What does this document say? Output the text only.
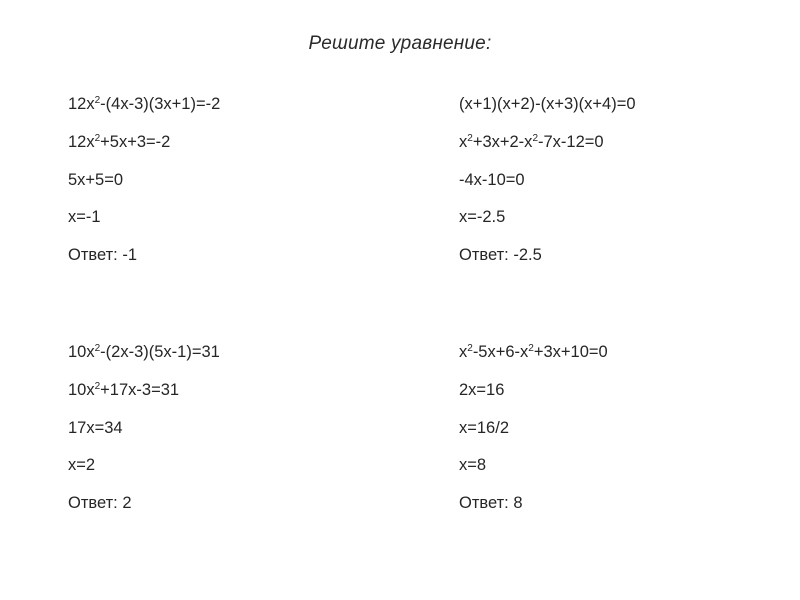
Решите уравнение:
$12x^2-(4x-3)(3x+1)=-2$
$12x^2+5x+3=-2$
5x+5=0
x=-1
Ответ: -1
(x+1)(x+2)-(x+3)(x+4)=0
$x^2+3x+2-x^2-7x-12=0$
-4x-10=0
x=-2.5
Ответ: -2.5
$10x^2-(2x-3)(5x-1)=31$
$10x^2+17x-3=31$
17x=34
x=2
Ответ: 2
$x^2-5x+6-x^2+3x+10=0$
2x=16
x=16/2
x=8
Ответ: 8
